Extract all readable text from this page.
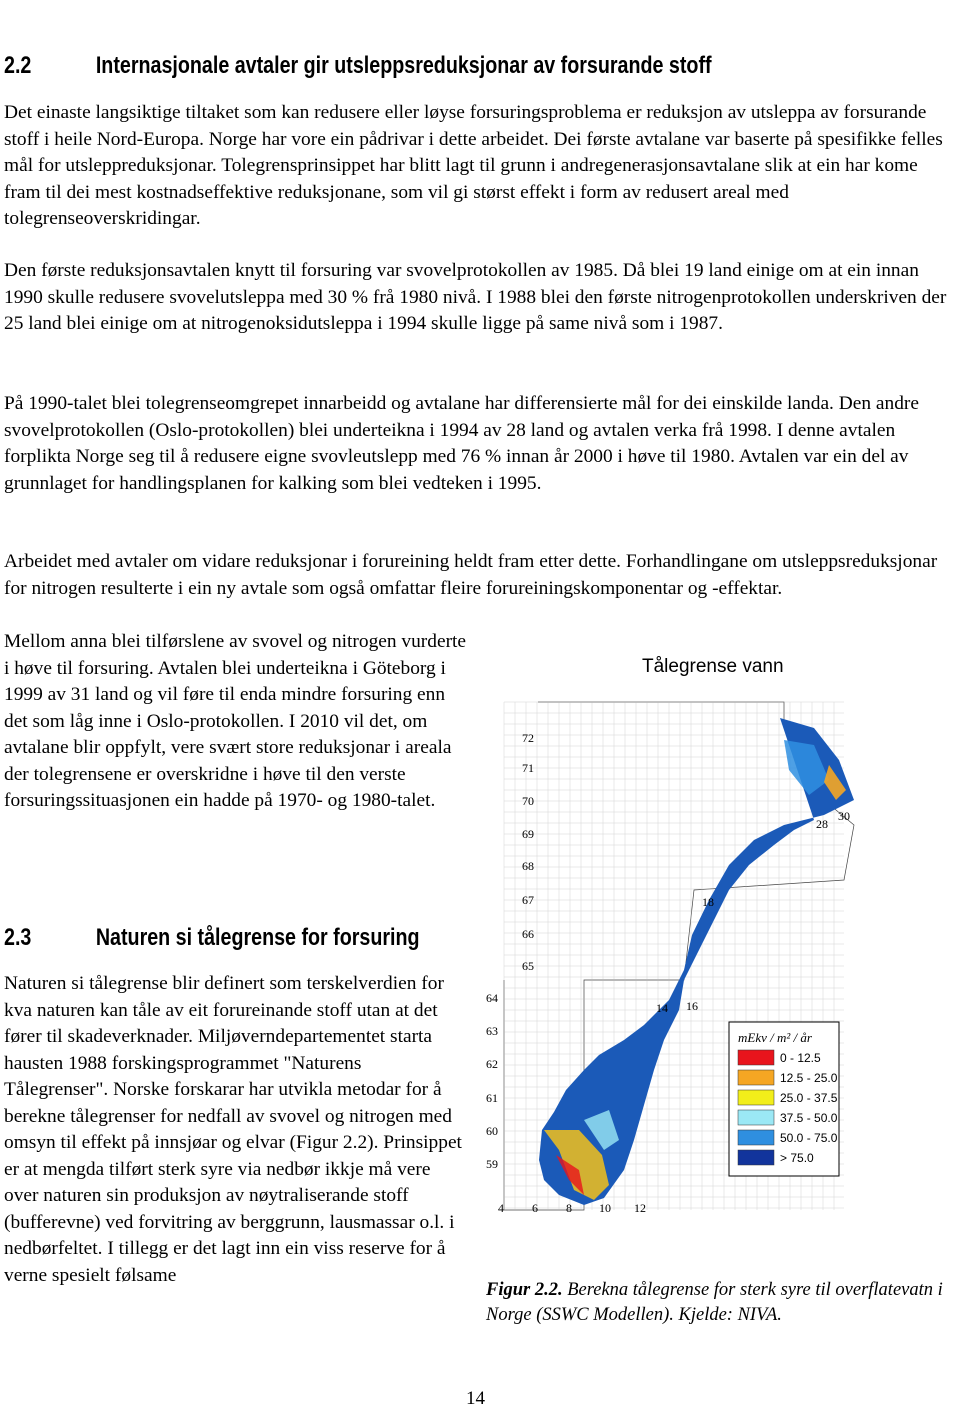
2.2	Internasjonale avtaler gir utsleppsreduksjonar av forsurande stoff

Det einaste langsiktige tiltaket som kan redusere eller løyse forsuringsproblema er reduksjon av utsleppa av forsurande stoff i heile Nord-Europa. Norge har vore ein pådrivar i dette arbeidet. Dei første avtalane var baserte på spesifikke felles mål for utsleppreduksjonar. Tolegrensprinsippet har blitt lagt til grunn i andregenerasjonsavtalane slik at ein har kome fram til dei mest kostnadseffektive reduksjonane, som vil gi størst effekt i form av redusert areal med tolegrenseoverskridingar.

Den første reduksjonsavtalen knytt til forsuring var svovelprotokollen av 1985. Då blei 19 land einige om at ein innan 1990 skulle redusere svovelutsleppa med 30 % frå 1980 nivå. I 1988 blei den første nitrogenprotokollen underskriven der 25 land blei einige om at nitrogenoksidutsleppa i 1994 skulle ligge på same nivå som i 1987.

På 1990-talet blei tolegrenseomgrepet innarbeidd og avtalane har differensierte mål for dei einskilde landa. Den andre svovelprotokollen (Oslo-protokollen) blei underteikna i 1994 av 28 land og avtalen verka frå 1998. I denne avtalen forplikta Norge seg til å redusere eigne svovleutslepp med 76 % innan år 2000 i høve til 1980. Avtalen var ein del av grunnlaget for handlingsplanen for kalking som blei vedteken i 1995.

Arbeidet med avtaler om vidare reduksjonar i forureining heldt fram etter dette. Forhandlingane om utsleppsreduksjonar for nitrogen resulterte i ein ny avtale som også omfattar fleire forureiningskomponentar og -effektar.

Mellom anna blei tilførslene av svovel og nitrogen vurderte i høve til forsuring. Avtalen blei underteikna i Göteborg i 1999 av 31 land og vil føre til enda mindre forsuring enn det som låg inne i Oslo-protokollen. I 2010 vil det, om avtalane blir oppfylt, vere svært store reduksjonar i areala der tolegrensene er overskridne i høve til den verste forsuringssituasjonen ein hadde på 1970- og 1980-talet.

2.3	Naturen si tålegrense for forsuring

Naturen si tålegrense blir definert som terskelverdien for kva naturen kan tåle av eit forureinande stoff utan at det fører til skadeverknader. Miljøverndepartementet starta hausten 1988 forskingsprogrammet "Naturens Tålegrenser". Norske forskarar har utvikla metodar for å berekne tålegrenser for nedfall av svovel og nitrogen med omsyn til effekt på innsjøar og elvar (Figur 2.2). Prinsippet er at mengda tilført sterk syre via nedbør ikkje må vere over naturen sin produksjon av nøytraliserande stoff (bufferevne) ved forvitring av berggrunn, lausmassar o.l. i nedbørfeltet. I tillegg er det lagt inn ein viss reserve for å verne spesielt følsame

Tålegrense vann
72
71
70
69
68
67
66
65
64
63
62
61
60
59
4 6 8 10 12
28
30
18
16
14
mEkv / m² / år
0 - 12.5
12.5 - 25.0
25.0 - 37.5
37.5 - 50.0
50.0 - 75.0
> 75.0

Figur 2.2. Berekna tålegrense for sterk syre til overflatevatn i Norge (SSWC Modellen). Kjelde: NIVA.

14
